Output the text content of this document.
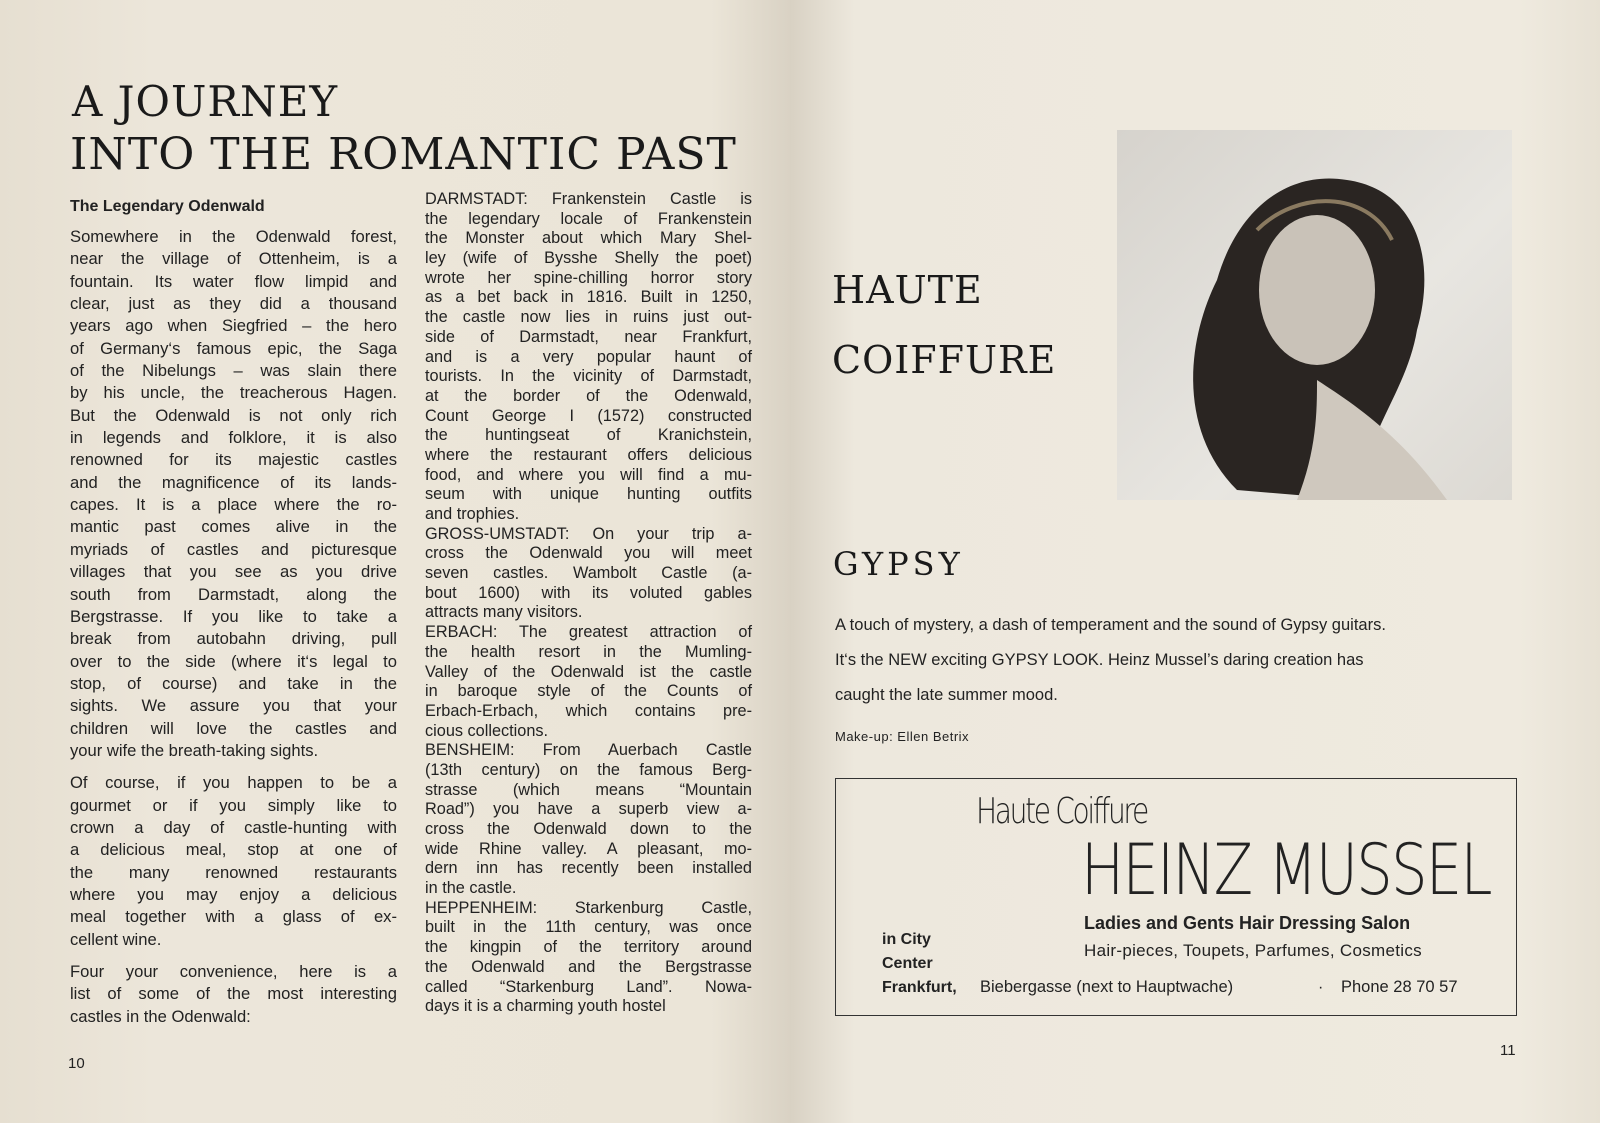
A JOURNEY
INTO THE ROMANTIC PAST
The Legendary Odenwald
Somewhere in the Odenwald forest,
near the village of Ottenheim, is a
fountain. Its water flow limpid and
clear, just as they did a thousand
years ago when Siegfried – the hero
of Germany‘s famous epic, the Saga
of the Nibelungs – was slain there
by his uncle, the treacherous Hagen.
But the Odenwald is not only rich
in legends and folklore, it is also
renowned for its majestic castles
and the magnificence of its lands-
capes. It is a place where the ro-
mantic past comes alive in the
myriads of castles and picturesque
villages that you see as you drive
south from Darmstadt, along the
Bergstrasse. If you like to take a
break from autobahn driving, pull
over to the side (where it‘s legal to
stop, of course) and take in the
sights. We assure you that your
children will love the castles and
your wife the breath-taking sights.
Of course, if you happen to be a
gourmet or if you simply like to
crown a day of castle-hunting with
a delicious meal, stop at one of
the many renowned restaurants
where you may enjoy a delicious
meal together with a glass of ex-
cellent wine.
Four your convenience, here is a
list of some of the most interesting
castles in the Odenwald:
DARMSTADT: Frankenstein Castle is
the legendary locale of Frankenstein
the Monster about which Mary Shel-
ley (wife of Bysshe Shelly the poet)
wrote her spine-chilling horror story
as a bet back in 1816. Built in 1250,
the castle now lies in ruins just out-
side of Darmstadt, near Frankfurt,
and is a very popular haunt of
tourists. In the vicinity of Darmstadt,
at the border of the Odenwald,
Count George I (1572) constructed
the huntingseat of Kranichstein,
where the restaurant offers delicious
food, and where you will find a mu-
seum with unique hunting outfits
and trophies.
GROSS-UMSTADT: On your trip a-
cross the Odenwald you will meet
seven castles. Wambolt Castle (a-
bout 1600) with its voluted gables
attracts many visitors.
ERBACH: The greatest attraction of
the health resort in the Mumling-
Valley of the Odenwald ist the castle
in baroque style of the Counts of
Erbach-Erbach, which contains pre-
cious collections.
BENSHEIM: From Auerbach Castle
(13th century) on the famous Berg-
strasse (which means “Mountain
Road”) you have a superb view a-
cross the Odenwald down to the
wide Rhine valley. A pleasant, mo-
dern inn has recently been installed
in the castle.
HEPPENHEIM: Starkenburg Castle,
built in the 11th century, was once
the kingpin of the territory around
the Odenwald and the Bergstrasse
called “Starkenburg Land”. Nowa-
days it is a charming youth hostel
10
HAUTE
COIFFURE
GYPSY
A touch of mystery, a dash of temperament and the sound of Gypsy guitars.
It‘s the NEW exciting GYPSY LOOK. Heinz Mussel’s daring creation has
caught the late summer mood.
Make-up: Ellen Betrix

Haute Coiffure

HEINZ MUSSEL

Ladies and Gents Hair Dressing Salon

Hair-pieces, Toupets, Parfumes, Cosmetics

in City

Center

Frankfurt, Biebergasse (next to Hauptwache)	· Phone 28 70 57

11
